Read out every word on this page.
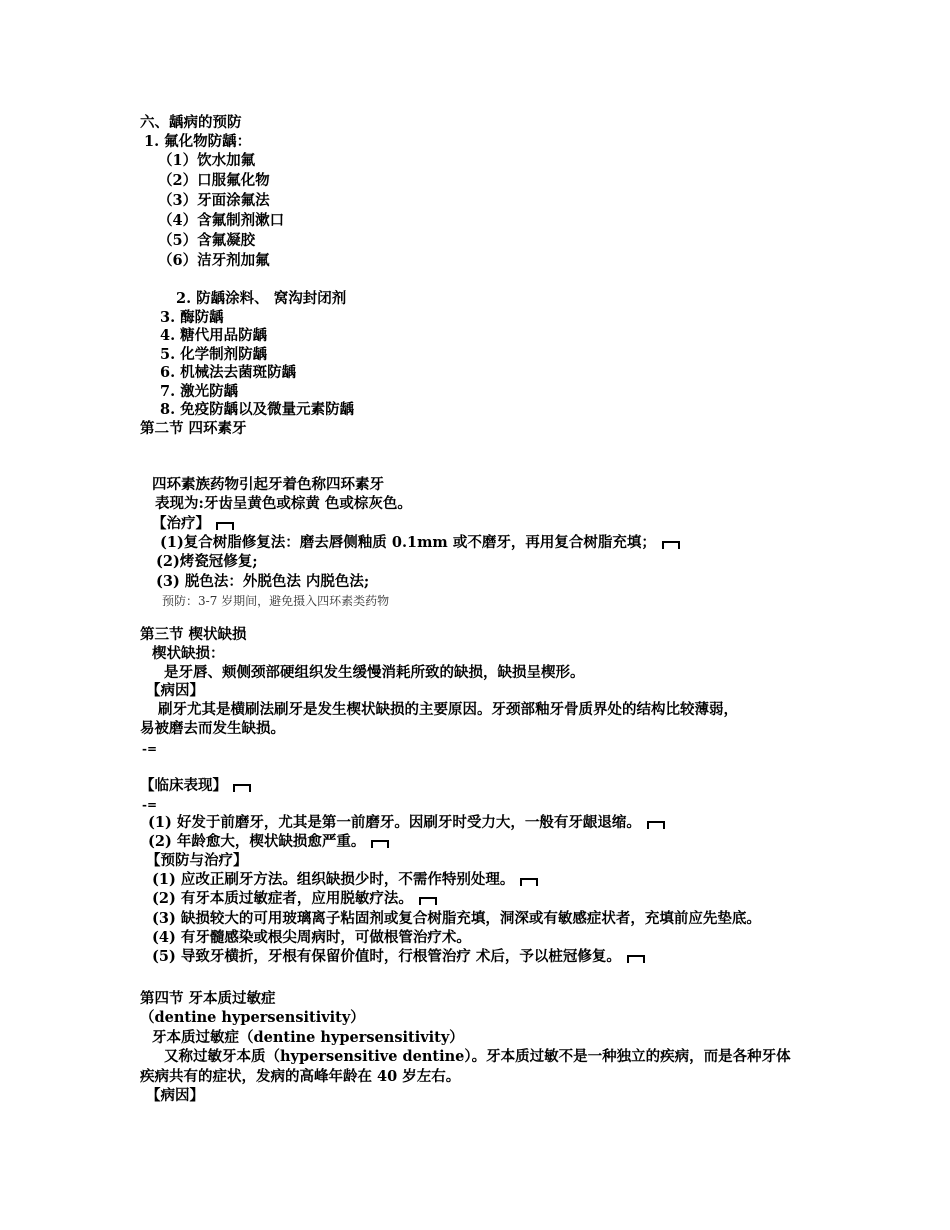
六、龋病的预防
1. 氟化物防龋：
（1）饮水加氟
（2）口服氟化物
（3）牙面涂氟法
（4）含氟制剂漱口
（5）含氟凝胶
（6）洁牙剂加氟
2. 防龋涂料、 窝沟封闭剂
3. 酶防龋
4. 糖代用品防龋
5. 化学制剂防龋
6. 机械法去菌斑防龋
7. 激光防龋
8. 免疫防龋以及微量元素防龋
第二节 四环素牙
四环素族药物引起牙着色称四环素牙
表现为:牙齿呈黄色或棕黄 色或棕灰色。
【治疗】
(1)复合树脂修复法：磨去唇侧釉质 0.1mm 或不磨牙，再用复合树脂充填；
(2)烤瓷冠修复;
(3) 脱色法：外脱色法 内脱色法;
预防：3-7 岁期间，避免摄入四环素类药物
第三节 楔状缺损
楔状缺损：
是牙唇、颊侧颈部硬组织发生缓慢消耗所致的缺损，缺损呈楔形。
【病因】
刷牙尤其是横刷法刷牙是发生楔状缺损的主要原因。牙颈部釉牙骨质界处的结构比较薄弱，
易被磨去而发生缺损。
-=
【临床表现】
-=
(1) 好发于前磨牙，尤其是第一前磨牙。因刷牙时受力大，一般有牙龈退缩。
(2) 年龄愈大，楔状缺损愈严重。
【预防与治疗】
(1) 应改正刷牙方法。组织缺损少时，不需作特别处理。
(2) 有牙本质过敏症者，应用脱敏疗法。
(3) 缺损较大的可用玻璃离子粘固剂或复合树脂充填，洞深或有敏感症状者，充填前应先垫底。
(4) 有牙髓感染或根尖周病时，可做根管治疗术。
(5) 导致牙横折，牙根有保留价值时，行根管治疗 术后，予以桩冠修复。
第四节 牙本质过敏症
（dentine hypersensitivity）
牙本质过敏症（dentine hypersensitivity）
又称过敏牙本质（hypersensitive dentine）。牙本质过敏不是一种独立的疾病，而是各种牙体
疾病共有的症状，发病的高峰年龄在 40 岁左右。
【病因】
